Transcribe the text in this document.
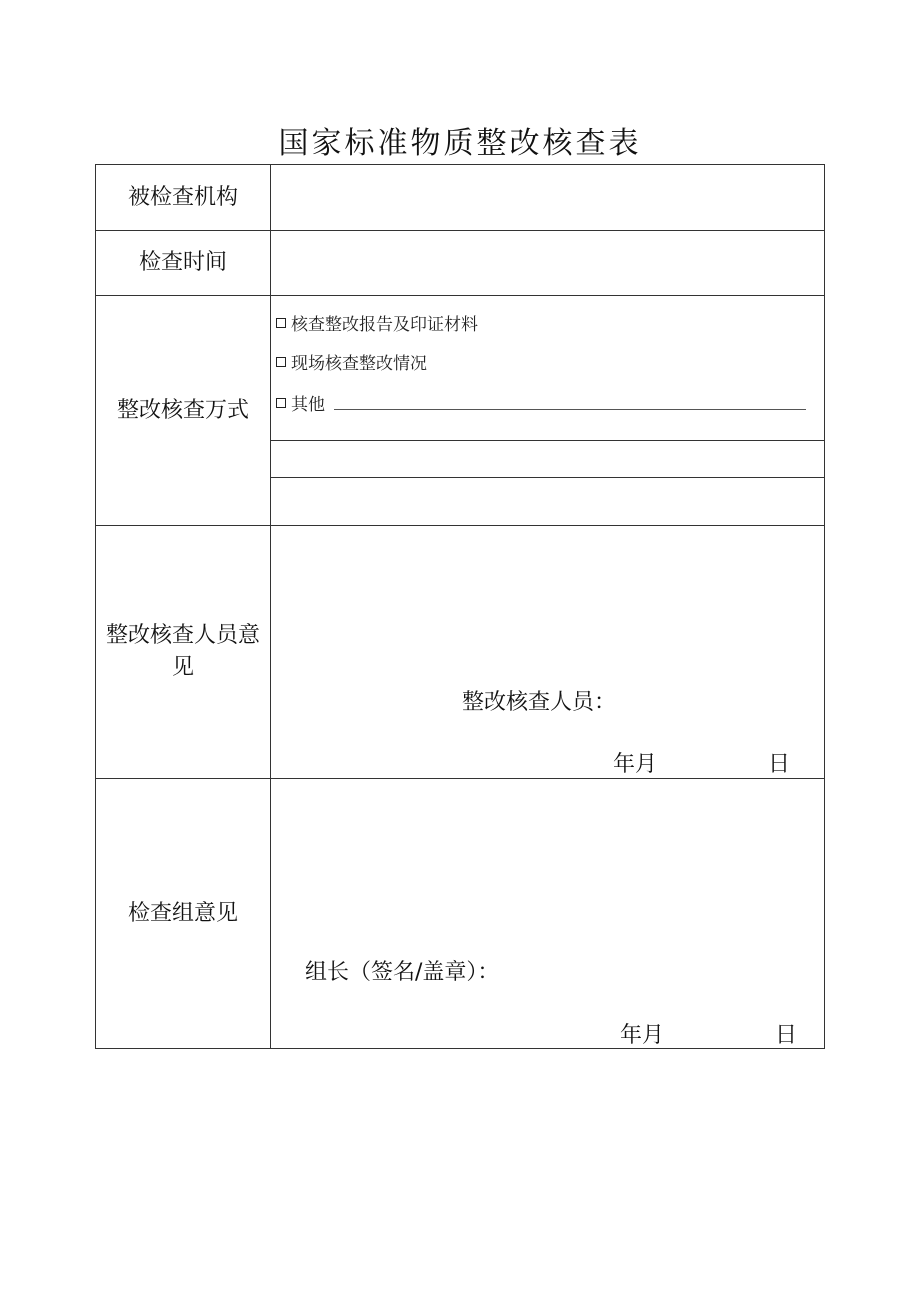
国家标准物质整改核查表
被检查机构
检查时间
整改核查万式
核查整改报告及印证材料
现场核查整改情况
其他
整改核查人员意见
整改核查人员：
年月	日
检查组意见
组长（签名/盖章）：
年月	日
